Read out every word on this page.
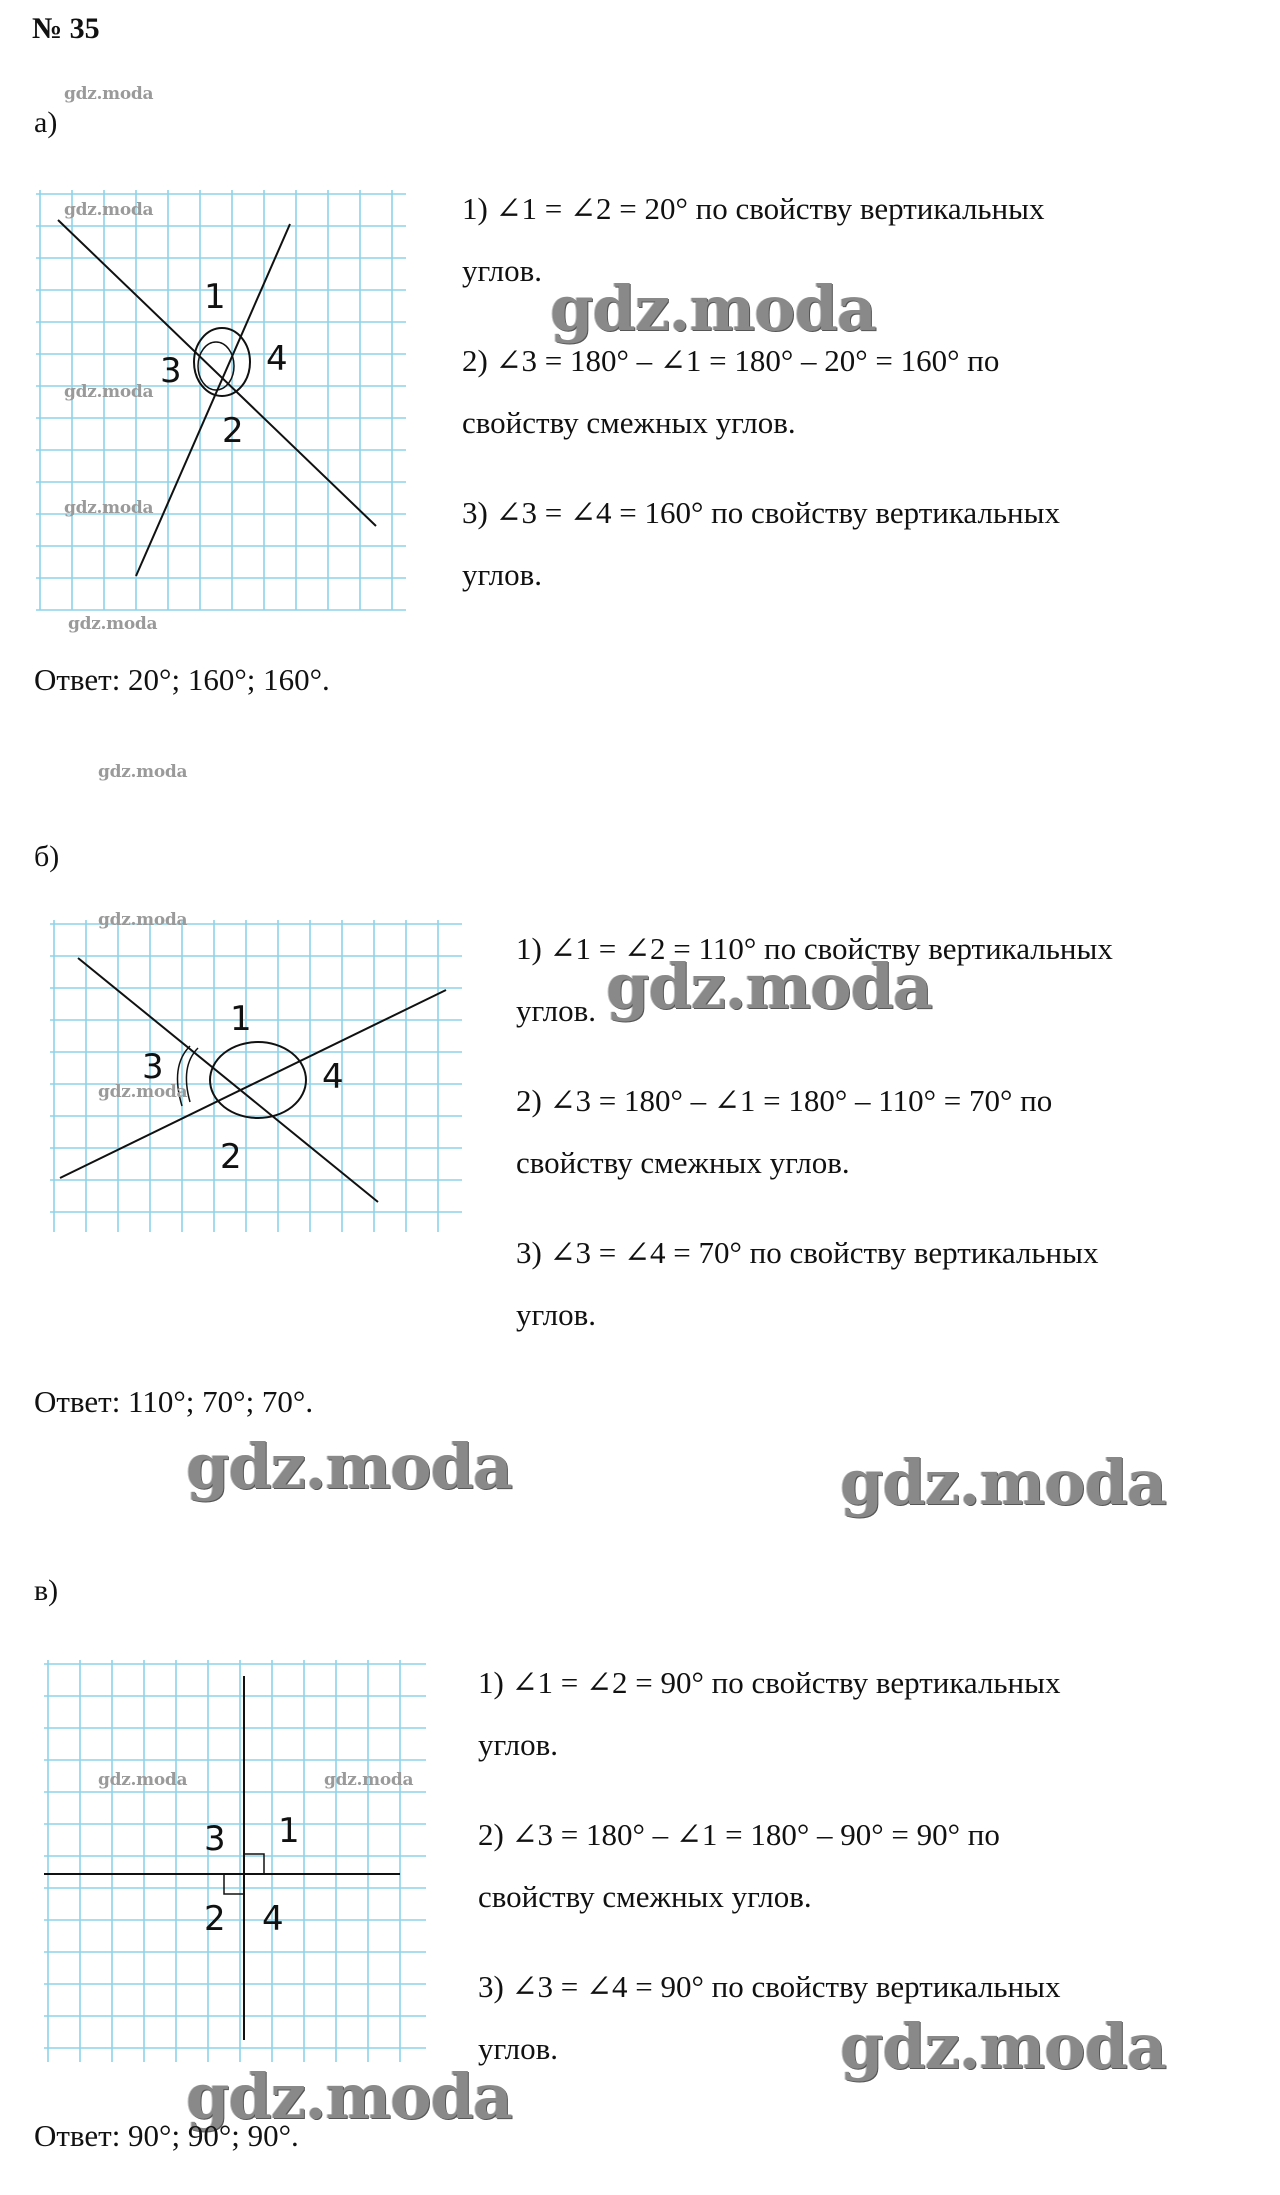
№ 35
gdz.moda
а)
1
2
3 4
gdz.moda
gdz.moda
gdz.moda
gdz.moda
1) ∠1 = ∠2 = 20° по свойству вертикальных
углов.
gdz.moda
2) ∠3 = 180° – ∠1 = 180° – 20° = 160° по
свойству смежных углов.
3) ∠3 = ∠4 = 160° по свойству вертикальных
углов.
Ответ: 20°; 160°; 160°.
gdz.moda
б)
1
2
3	4
gdz.moda
gdz.moda
1) ∠1 = ∠2 = 110° по свойству вертикальных
углов. gdz.moda
2) ∠3 = 180° – ∠1 = 180° – 110° = 70° по
свойству смежных углов.
3) ∠3 = ∠4 = 70° по свойству вертикальных
углов.
Ответ: 110°; 70°; 70°.
gdz.moda	gdz.moda
в)
1
2
3
4
gdz.moda	gdz.moda
1) ∠1 = ∠2 = 90° по свойству вертикальных
углов.
2) ∠3 = 180° – ∠1 = 180° – 90° = 90° по
свойству смежных углов.
3) ∠3 = ∠4 = 90° по свойству вертикальных
углов.	gdz.moda
gdz.moda
Ответ: 90°; 90°; 90°.
